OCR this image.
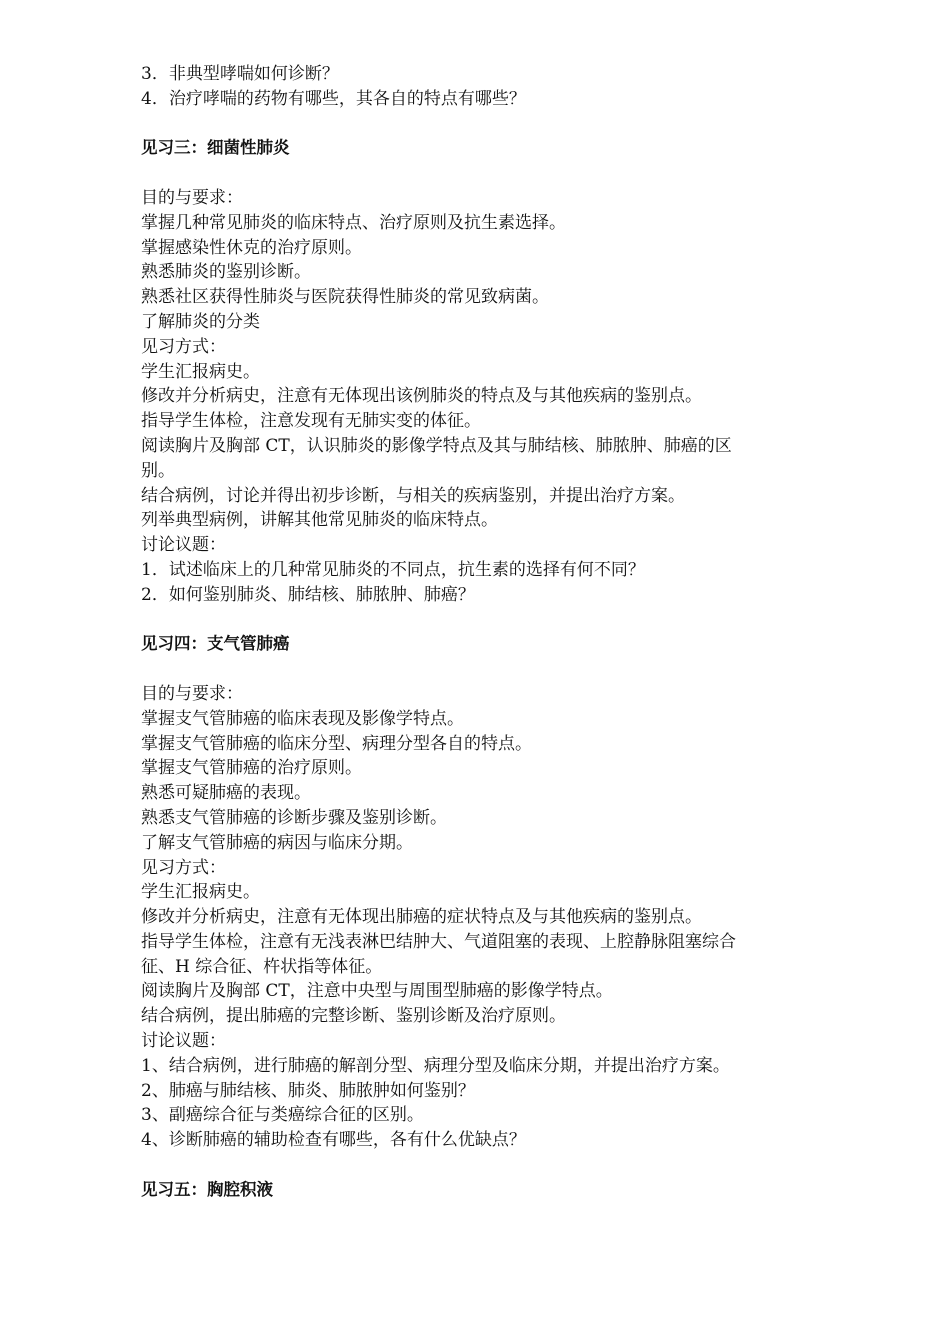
3．非典型哮喘如何诊断？
4．治疗哮喘的药物有哪些，其各自的特点有哪些？
见习三：细菌性肺炎
目的与要求：
掌握几种常见肺炎的临床特点、治疗原则及抗生素选择。
掌握感染性休克的治疗原则。
熟悉肺炎的鉴别诊断。
熟悉社区获得性肺炎与医院获得性肺炎的常见致病菌。
了解肺炎的分类
见习方式：
学生汇报病史。
修改并分析病史，注意有无体现出该例肺炎的特点及与其他疾病的鉴别点。
指导学生体检，注意发现有无肺实变的体征。
阅读胸片及胸部 CT，认识肺炎的影像学特点及其与肺结核、肺脓肿、肺癌的区
别。
结合病例，讨论并得出初步诊断，与相关的疾病鉴别，并提出治疗方案。
列举典型病例，讲解其他常见肺炎的临床特点。
讨论议题：
1．试述临床上的几种常见肺炎的不同点，抗生素的选择有何不同？
2．如何鉴别肺炎、肺结核、肺脓肿、肺癌？
见习四：支气管肺癌
目的与要求：
掌握支气管肺癌的临床表现及影像学特点。
掌握支气管肺癌的临床分型、病理分型各自的特点。
掌握支气管肺癌的治疗原则。
熟悉可疑肺癌的表现。
熟悉支气管肺癌的诊断步骤及鉴别诊断。
了解支气管肺癌的病因与临床分期。
见习方式：
学生汇报病史。
修改并分析病史，注意有无体现出肺癌的症状特点及与其他疾病的鉴别点。
指导学生体检，注意有无浅表淋巴结肿大、气道阻塞的表现、上腔静脉阻塞综合
征、H 综合征、杵状指等体征。
阅读胸片及胸部 CT，注意中央型与周围型肺癌的影像学特点。
结合病例，提出肺癌的完整诊断、鉴别诊断及治疗原则。
讨论议题：
1、结合病例，进行肺癌的解剖分型、病理分型及临床分期，并提出治疗方案。
2、肺癌与肺结核、肺炎、肺脓肿如何鉴别？
3、副癌综合征与类癌综合征的区别。
4、诊断肺癌的辅助检查有哪些，各有什么优缺点？
见习五：胸腔积液
